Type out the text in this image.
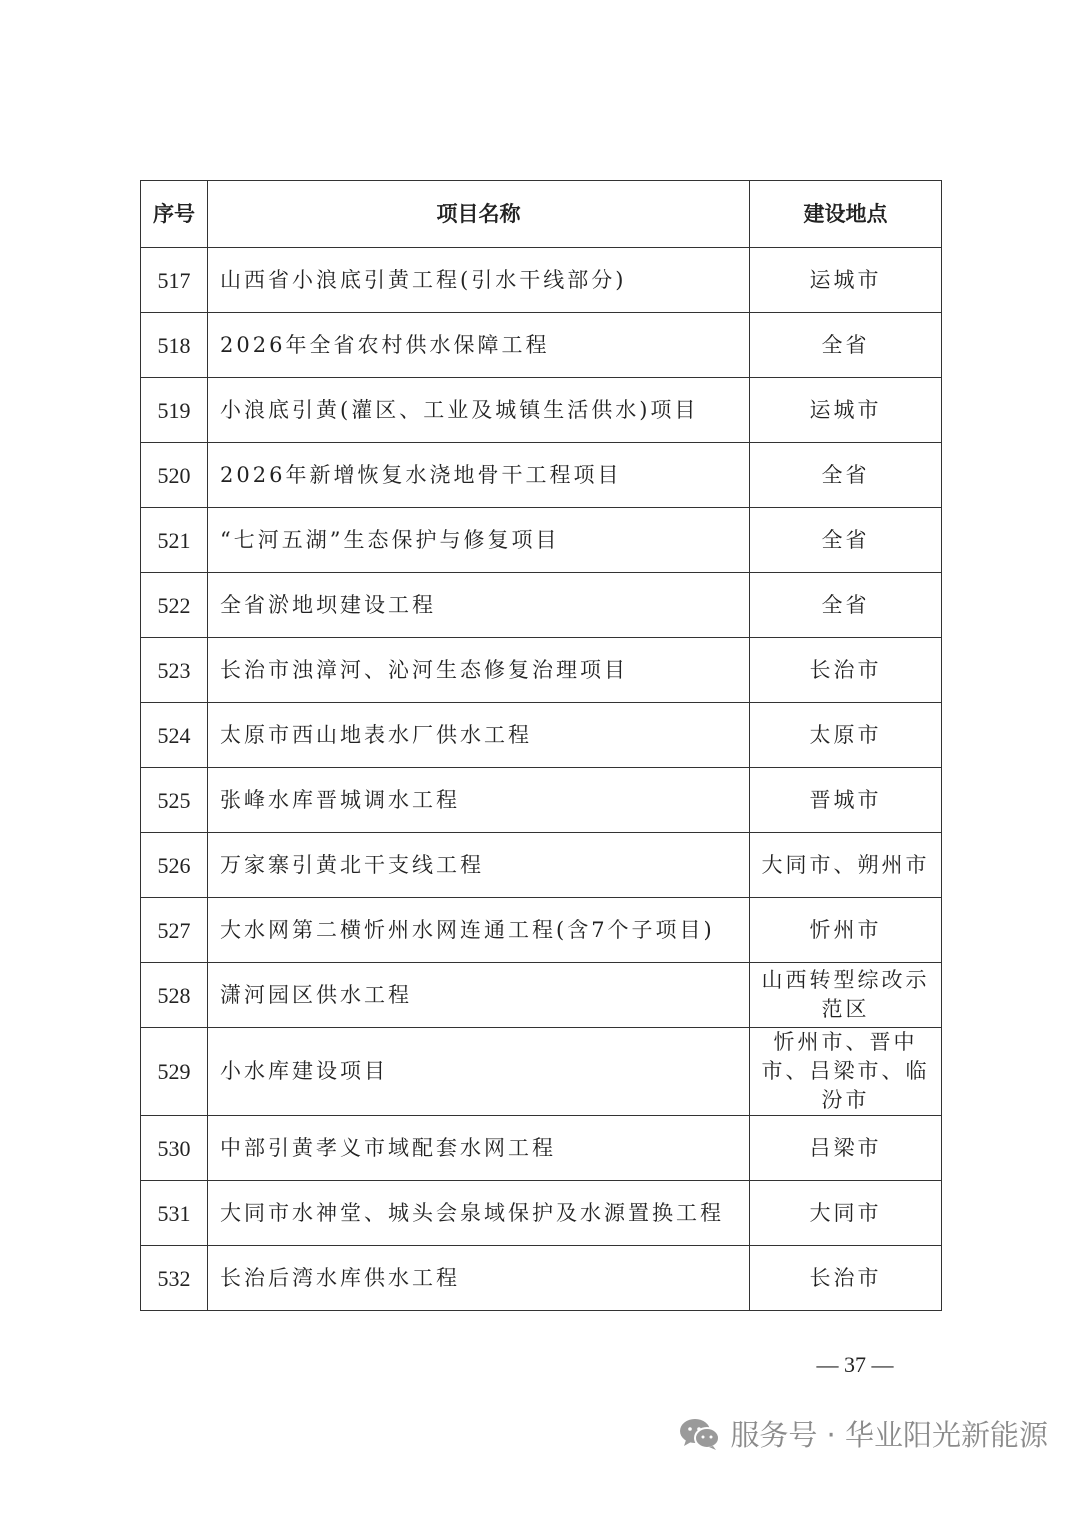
序号	项目名称	建设地点
517	山西省小浪底引黄工程(引水干线部分)	运城市
518	2026年全省农村供水保障工程	全省
519	小浪底引黄(灌区、工业及城镇生活供水)项目	运城市
520	2026年新增恢复水浇地骨干工程项目	全省
521	“七河五湖”生态保护与修复项目	全省
522	全省淤地坝建设工程	全省
523	长治市浊漳河、沁河生态修复治理项目	长治市
524	太原市西山地表水厂供水工程	太原市
525	张峰水库晋城调水工程	晋城市
526	万家寨引黄北干支线工程	大同市、朔州市
527	大水网第二横忻州水网连通工程(含7个子项目)	忻州市
528	潇河园区供水工程	山西转型综改示范区
529	小水库建设项目	忻州市、晋中市、吕梁市、临汾市
530	中部引黄孝义市域配套水网工程	吕梁市
531	大同市水神堂、城头会泉域保护及水源置换工程	大同市
532	长治后湾水库供水工程	长治市
— 37 —
服务号 · 华业阳光新能源
